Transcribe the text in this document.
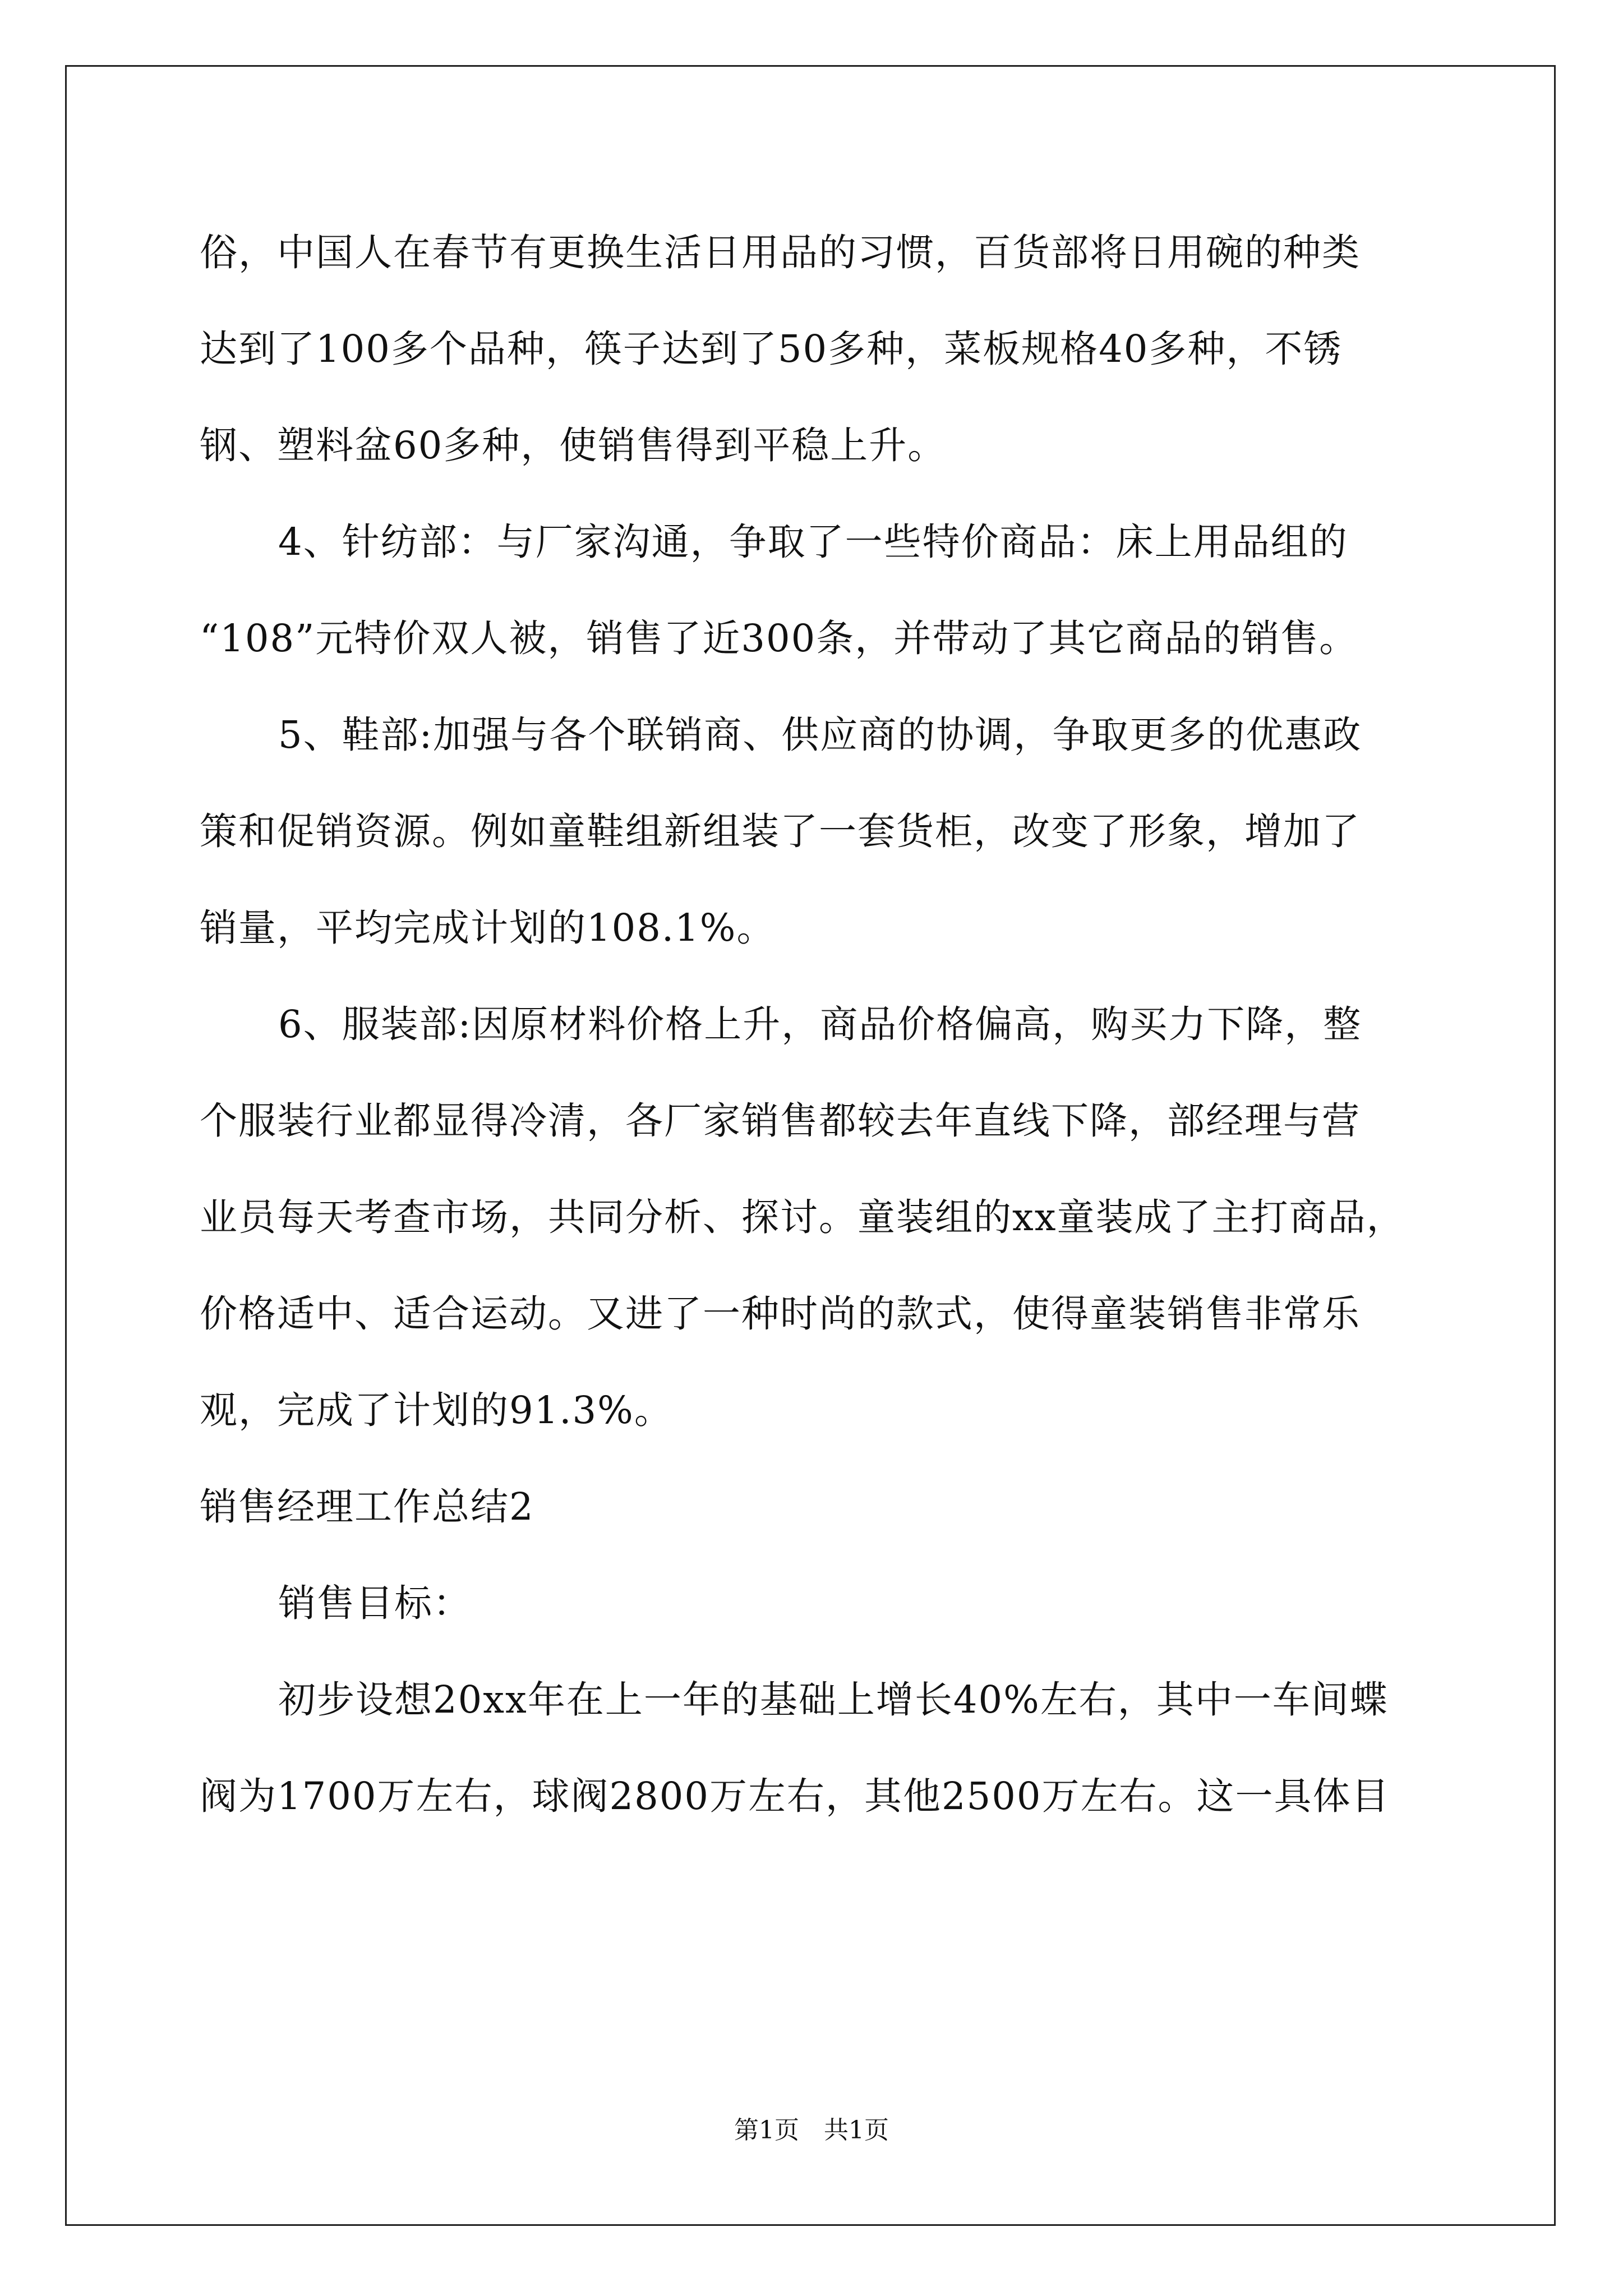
俗，中国人在春节有更换生活日用品的习惯，百货部将日用碗的种类
达到了100多个品种，筷子达到了50多种，菜板规格40多种，不锈
钢、塑料盆60多种，使销售得到平稳上升。
4、针纺部：与厂家沟通，争取了一些特价商品：床上用品组的
“108”元特价双人被，销售了近300条，并带动了其它商品的销售。
5、鞋部:加强与各个联销商、供应商的协调，争取更多的优惠政
策和促销资源。例如童鞋组新组装了一套货柜，改变了形象，增加了
销量，平均完成计划的108.1%。
6、服装部:因原材料价格上升，商品价格偏高，购买力下降，整
个服装行业都显得冷清，各厂家销售都较去年直线下降，部经理与营
业员每天考查市场，共同分析、探讨。童装组的xx童装成了主打商品，
价格适中、适合运动。又进了一种时尚的款式，使得童装销售非常乐
观，完成了计划的91.3%。
销售经理工作总结2
销售目标：
初步设想20xx年在上一年的基础上增长40%左右，其中一车间蝶
阀为1700万左右，球阀2800万左右，其他2500万左右。这一具体目
第1页　共1页
